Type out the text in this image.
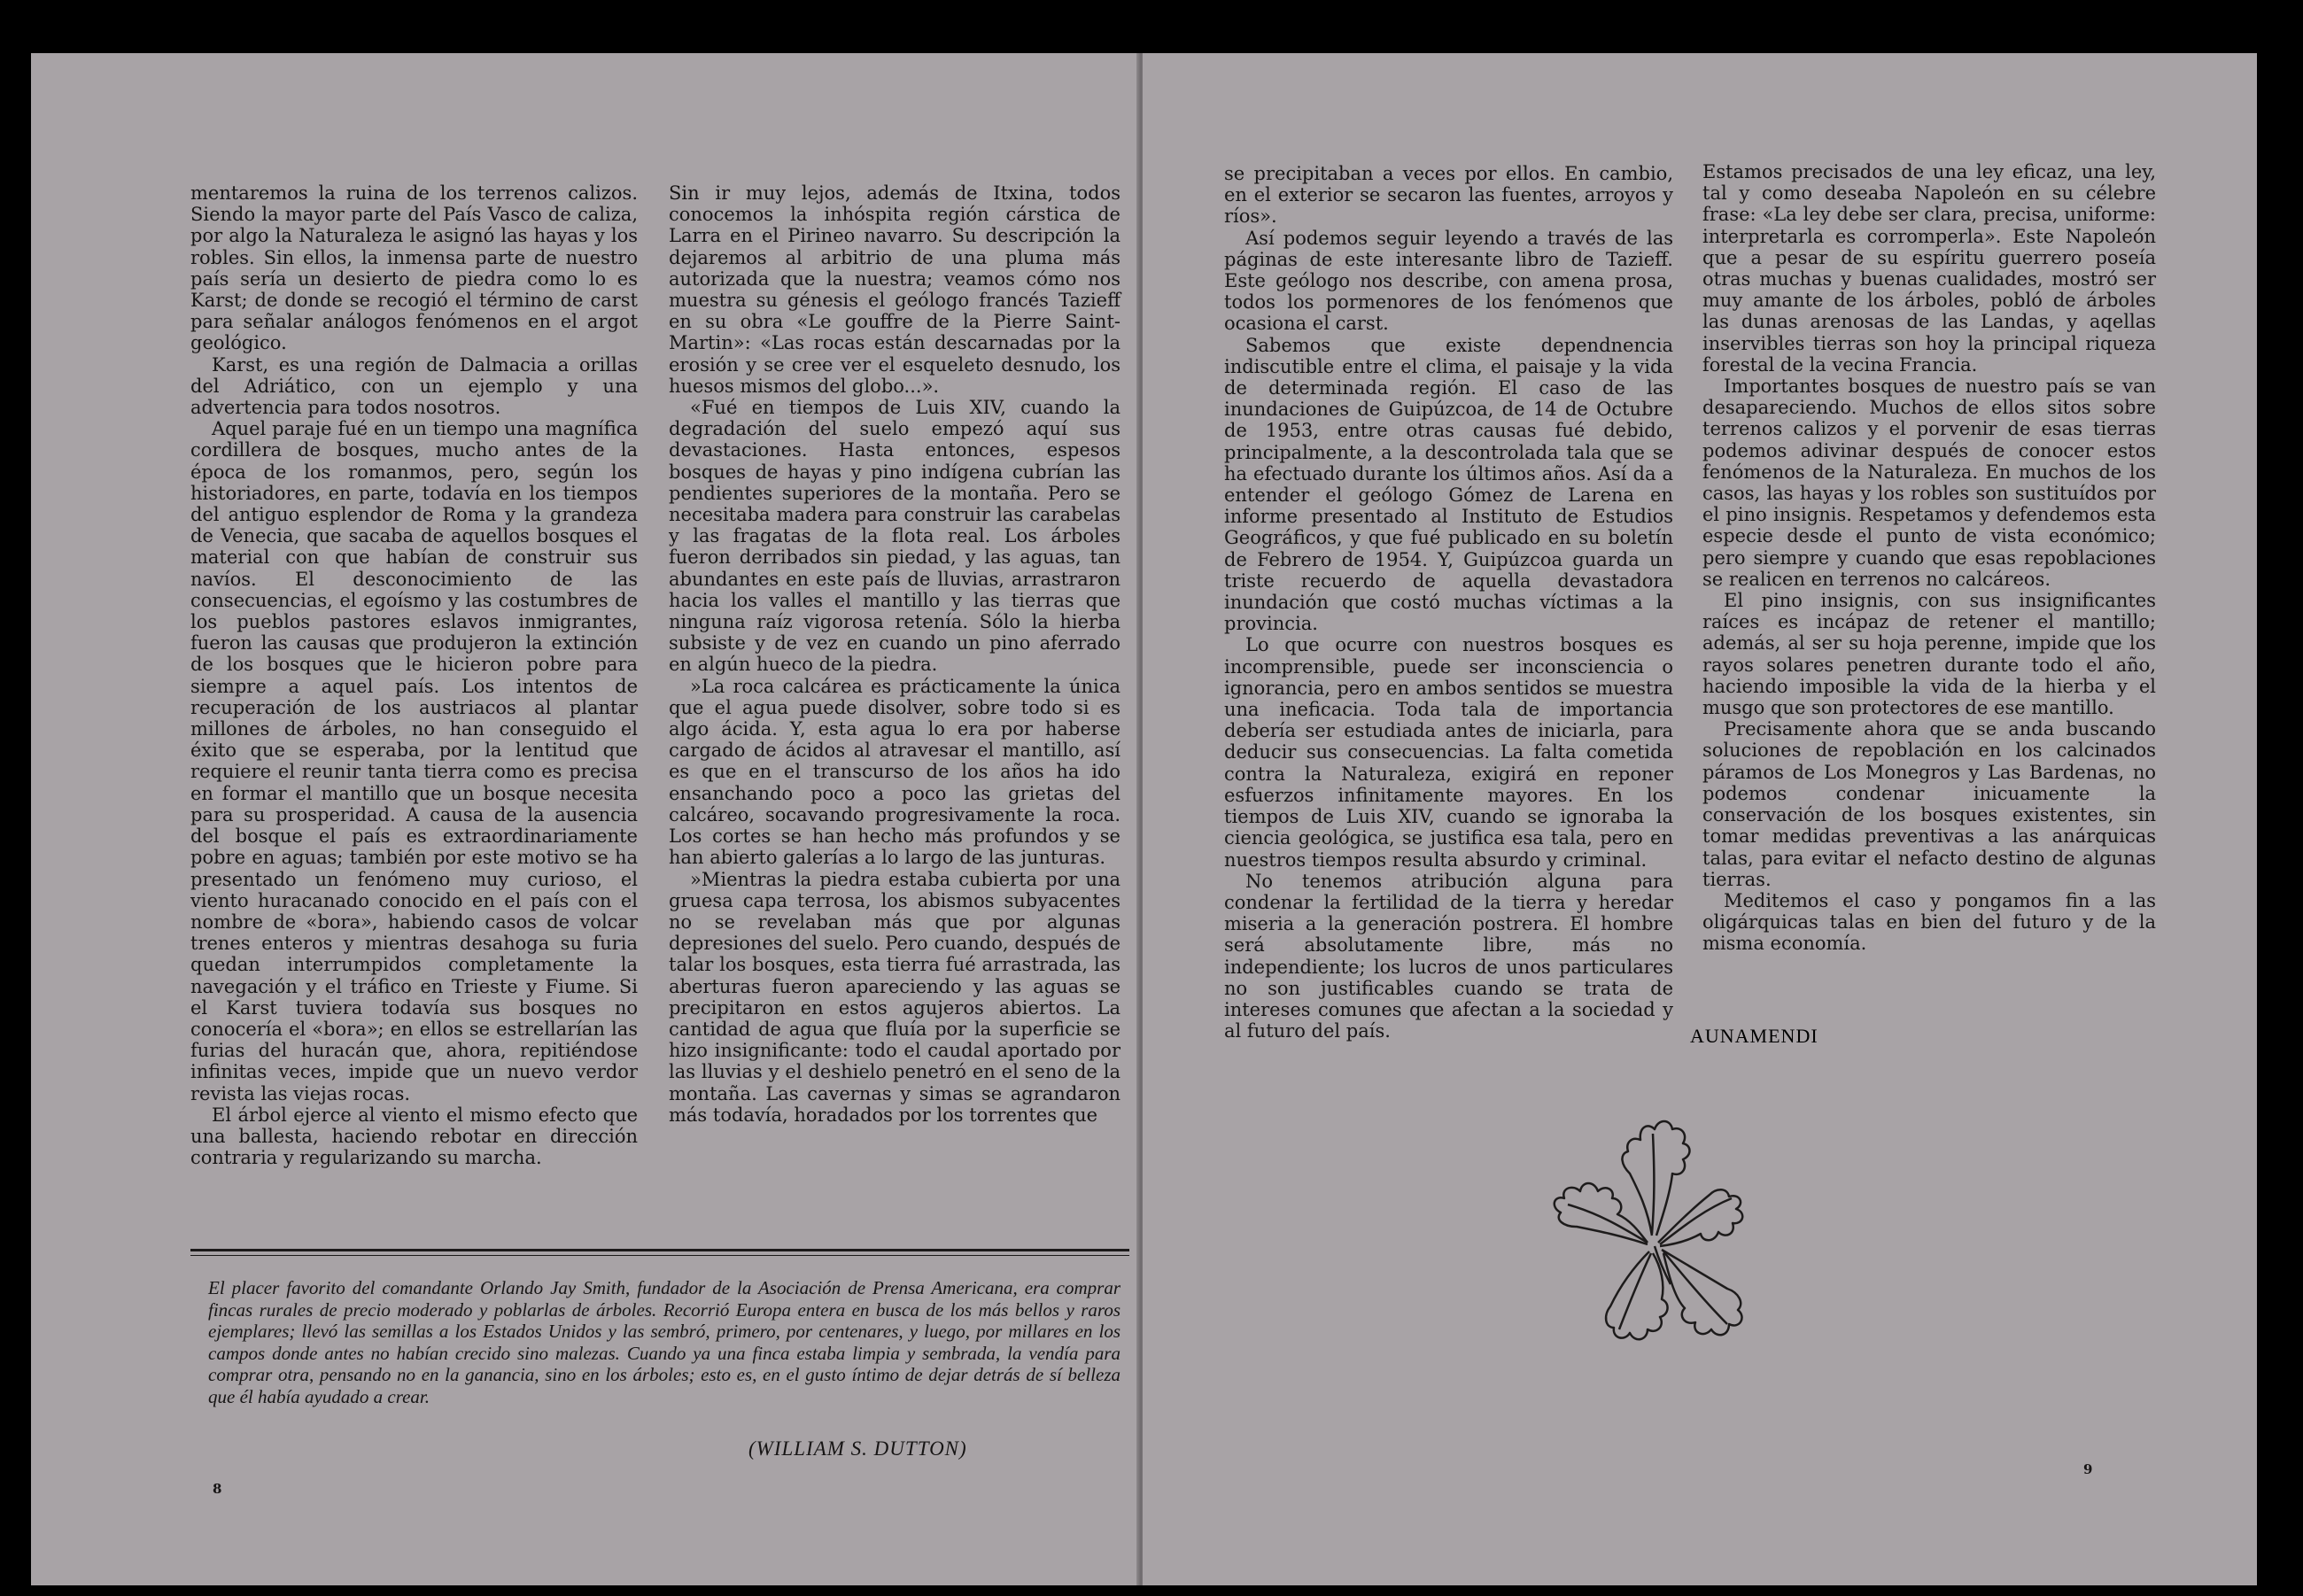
mentaremos la ruina de los terrenos calizos. Siendo la mayor parte del País Vasco de caliza, por algo la Naturaleza le asignó las hayas y los robles. Sin ellos, la inmensa parte de nuestro país sería un desierto de piedra como lo es Karst; de donde se recogió el término de carst para señalar análogos fenómenos en el argot geológico.

Karst, es una región de Dalmacia a orillas del Adriático, con un ejemplo y una advertencia para todos nosotros.

Aquel paraje fué en un tiempo una magnífica cordillera de bosques, mucho antes de la época de los romanmos, pero, según los historiadores, en parte, todavía en los tiempos del antiguo esplendor de Roma y la grandeza de Venecia, que sacaba de aquellos bosques el material con que habían de construir sus navíos. El desconocimiento de las consecuencias, el egoísmo y las costumbres de los pueblos pastores eslavos inmigrantes, fueron las causas que produjeron la extinción de los bosques que le hicieron pobre para siempre a aquel país. Los intentos de recuperación de los austriacos al plantar millones de árboles, no han conseguido el éxito que se esperaba, por la lentitud que requiere el reunir tanta tierra como es precisa en formar el mantillo que un bosque necesita para su prosperidad. A causa de la ausencia del bosque el país es extraordinariamente pobre en aguas; también por este motivo se ha presentado un fenómeno muy curioso, el viento huracanado conocido en el país con el nombre de «bora», habiendo casos de volcar trenes enteros y mientras desahoga su furia quedan interrumpidos completamente la navegación y el tráfico en Trieste y Fiume. Si el Karst tuviera todavía sus bosques no conocería el «bora»; en ellos se estrellarían las furias del huracán que, ahora, repitiéndose infinitas veces, impide que un nuevo verdor revista las viejas rocas.

El árbol ejerce al viento el mismo efecto que una ballesta, haciendo rebotar en dirección contraria y regularizando su marcha.

Sin ir muy lejos, además de Itxina, todos conocemos la inhóspita región cárstica de Larra en el Pirineo navarro. Su descripción la dejaremos al arbitrio de una pluma más autorizada que la nuestra; veamos cómo nos muestra su génesis el geólogo francés Tazieff en su obra «Le gouffre de la Pierre Saint-Martin»: «Las rocas están descarnadas por la erosión y se cree ver el esqueleto desnudo, los huesos mismos del globo...».

«Fué en tiempos de Luis XIV, cuando la degradación del suelo empezó aquí sus devastaciones. Hasta entonces, espesos bosques de hayas y pino indígena cubrían las pendientes superiores de la montaña. Pero se necesitaba madera para construir las carabelas y las fragatas de la flota real. Los árboles fueron derribados sin piedad, y las aguas, tan abundantes en este país de lluvias, arrastraron hacia los valles el mantillo y las tierras que ninguna raíz vigorosa retenía. Sólo la hierba subsiste y de vez en cuando un pino aferrado en algún hueco de la piedra.

»La roca calcárea es prácticamente la única que el agua puede disolver, sobre todo si es algo ácida. Y, esta agua lo era por haberse cargado de ácidos al atravesar el mantillo, así es que en el transcurso de los años ha ido ensanchando poco a poco las grietas del calcáreo, socavando progresivamente la roca. Los cortes se han hecho más profundos y se han abierto galerías a lo largo de las junturas.

»Mientras la piedra estaba cubierta por una gruesa capa terrosa, los abismos subyacentes no se revelaban más que por algunas depresiones del suelo. Pero cuando, después de talar los bosques, esta tierra fué arrastrada, las aberturas fueron apareciendo y las aguas se precipitaron en estos agujeros abiertos. La cantidad de agua que fluía por la superficie se hizo insignificante: todo el caudal aportado por las lluvias y el deshielo penetró en el seno de la montaña. Las cavernas y simas se agrandaron más todavía, horadados por los torrentes que

El placer favorito del comandante Orlando Jay Smith, fundador de la Asociación de Prensa Americana, era comprar fincas rurales de precio moderado y poblarlas de árboles. Recorrió Europa entera en busca de los más bellos y raros ejemplares; llevó las semillas a los Estados Unidos y las sembró, primero, por centenares, y luego, por millares en los campos donde antes no habían crecido sino malezas. Cuando ya una finca estaba limpia y sembrada, la vendía para comprar otra, pensando no en la ganancia, sino en los árboles; esto es, en el gusto íntimo de dejar detrás de sí belleza que él había ayudado a crear.
(WILLIAM S. DUTTON)
8

se precipitaban a veces por ellos. En cambio, en el exterior se secaron las fuentes, arroyos y ríos».

Así podemos seguir leyendo a través de las páginas de este interesante libro de Tazieff. Este geólogo nos describe, con amena prosa, todos los pormenores de los fenómenos que ocasiona el carst.

Sabemos que existe dependnencia indiscutible entre el clima, el paisaje y la vida de determinada región. El caso de las inundaciones de Guipúzcoa, de 14 de Octubre de 1953, entre otras causas fué debido, principalmente, a la descontrolada tala que se ha efectuado durante los últimos años. Así da a entender el geólogo Gómez de Larena en informe presentado al Instituto de Estudios Geográficos, y que fué publicado en su boletín de Febrero de 1954. Y, Guipúzcoa guarda un triste recuerdo de aquella devastadora inundación que costó muchas víctimas a la provincia.

Lo que ocurre con nuestros bosques es incomprensible, puede ser inconsciencia o ignorancia, pero en ambos sentidos se muestra una ineficacia. Toda tala de importancia debería ser estudiada antes de iniciarla, para deducir sus consecuencias. La falta cometida contra la Naturaleza, exigirá en reponer esfuerzos infinitamente mayores. En los tiempos de Luis XIV, cuando se ignoraba la ciencia geológica, se justifica esa tala, pero en nuestros tiempos resulta absurdo y criminal.

No tenemos atribución alguna para condenar la fertilidad de la tierra y heredar miseria a la generación postrera. El hombre será absolutamente libre, más no independiente; los lucros de unos particulares no son justificables cuando se trata de intereses comunes que afectan a la sociedad y al futuro del país.

Estamos precisados de una ley eficaz, una ley, tal y como deseaba Napoleón en su célebre frase: «La ley debe ser clara, precisa, uniforme: interpretarla es corromperla». Este Napoleón que a pesar de su espíritu guerrero poseía otras muchas y buenas cualidades, mostró ser muy amante de los árboles, pobló de árboles las dunas arenosas de las Landas, y aqellas inservibles tierras son hoy la principal riqueza forestal de la vecina Francia.

Importantes bosques de nuestro país se van desapareciendo. Muchos de ellos sitos sobre terrenos calizos y el porvenir de esas tierras podemos adivinar después de conocer estos fenómenos de la Naturaleza. En muchos de los casos, las hayas y los robles son sustituídos por el pino insignis. Respetamos y defendemos esta especie desde el punto de vista económico; pero siempre y cuando que esas repoblaciones se realicen en terrenos no calcáreos.

El pino insignis, con sus insignificantes raíces es incápaz de retener el mantillo; además, al ser su hoja perenne, impide que los rayos solares penetren durante todo el año, haciendo imposible la vida de la hierba y el musgo que son protectores de ese mantillo.

Precisamente ahora que se anda buscando soluciones de repoblación en los calcinados páramos de Los Monegros y Las Bardenas, no podemos condenar inicuamente la conservación de los bosques existentes, sin tomar medidas preventivas a las anárquicas talas, para evitar el nefacto destino de algunas tierras.

Meditemos el caso y pongamos fin a las oligárquicas talas en bien del futuro y de la misma economía.

9
AUNAMENDI
